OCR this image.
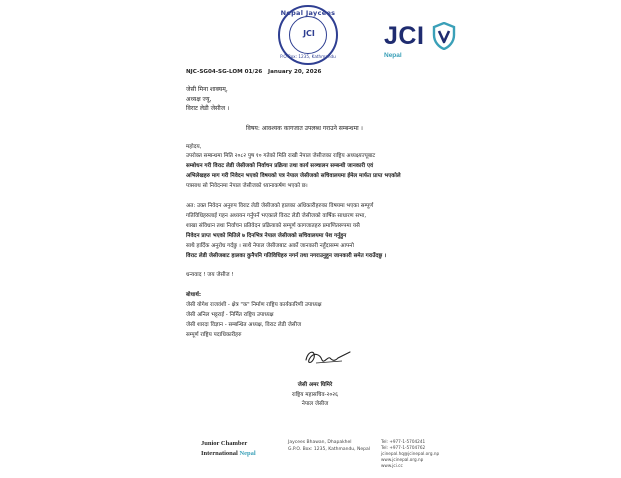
Nepal Jaycees
JCI
P.O.Box: 1235, Kathmandu
JCI
Nepal
NJC-SG04-SG-LOM 01/26 January 20, 2026
जेसी मिना शाक्यम्,
अध्यक्ष ज्यू,
विराट लेडी जेसीज ।
विषय: आवश्यक कागजात उपलब्ध गराउने सम्बन्धमा ।
महोदय,
उपरोक्त सम्बन्धमा मिति २०८२ पुष १० गतेको मिति राखी नेपाल जेसीजका राष्ट्रिय अध्यक्ष्यज्यूबाट
सम्बोधन गरी विराट लेडी जेसीजको निर्वाचन प्रक्रिया तथा कार्य सञ्चालन सम्बन्धी जानकारी एवं
अभिलेखहरु माग गरी निवेदन भएको विषयको पत्र नेपाल जेसीजको सचिवालयमा ईमेल मार्फत प्राप्त भएकोले
पत्रसाथ सो निवेदनमा नेपाल जेसीजको ध्यानाकर्षण भएको छ।
अत: उक्त निवेदन अनुरुप विराट लेडी जेसीजको हालका अधिकारीहरुका विषयमा भएका सम्पूर्ण
गतिविधिहरुलाई गहन अध्ययन गर्नुपर्ने भएकाले विराट लेडी जेसीजको वार्षिक साधारण सभा,
शाखा संविधान तथा निर्वाचन प्रतिवेदन प्रक्रियाको सम्पूर्ण कागजातहरु प्रमाणितरूपमा यसै
निवेदन प्राप्त भएको मितिले ७ दिनभित्र नेपाल जेसीजको सचिवालयमा पेश गर्नुहुन
साथै हार्दिक अनुरोध गर्दछु । साथै नेपाल जेसीजबाट अर्को जानकारी नहुँदासम्म आफ्नो
विराट लेडी जेसीजबाट हालका कुनैपनि गतिविधिहरु नगर्न तथा नगराउनुहुन जानकारी समेत गराउँदछु ।
धन्यवाद ! जय जेसीज !
बोधार्थ:
जेसी योगेश राजवंशी - क्षेत्र "क" निर्माण राष्ट्रिय कार्यकारिणी उपाध्यक्ष
जेसी अनिल भट्टराई - निर्मित राष्ट्रिय उपाध्यक्ष
जेसी शारदा विज्ञान - सम्बन्धित अध्यक्ष, विराट लेडी जेसीज
सम्पूर्ण राष्ट्रिय पदाधिकारीहरु
जेसी अमर घिमिरे
राष्ट्रिय महासचिव-२०२६
नेपाल जेसीज
Junior Chamber
International Nepal
Jaycees Bhawan, Dhapakhel
G.P.O. Box: 1235, Kathmandu, Nepal
Tel: +977-1-5704241
Tel: +977-1-5704762
jcinepal.hq@jcinepal.org.np
www.jcinepal.org.np
www.jci.cc
